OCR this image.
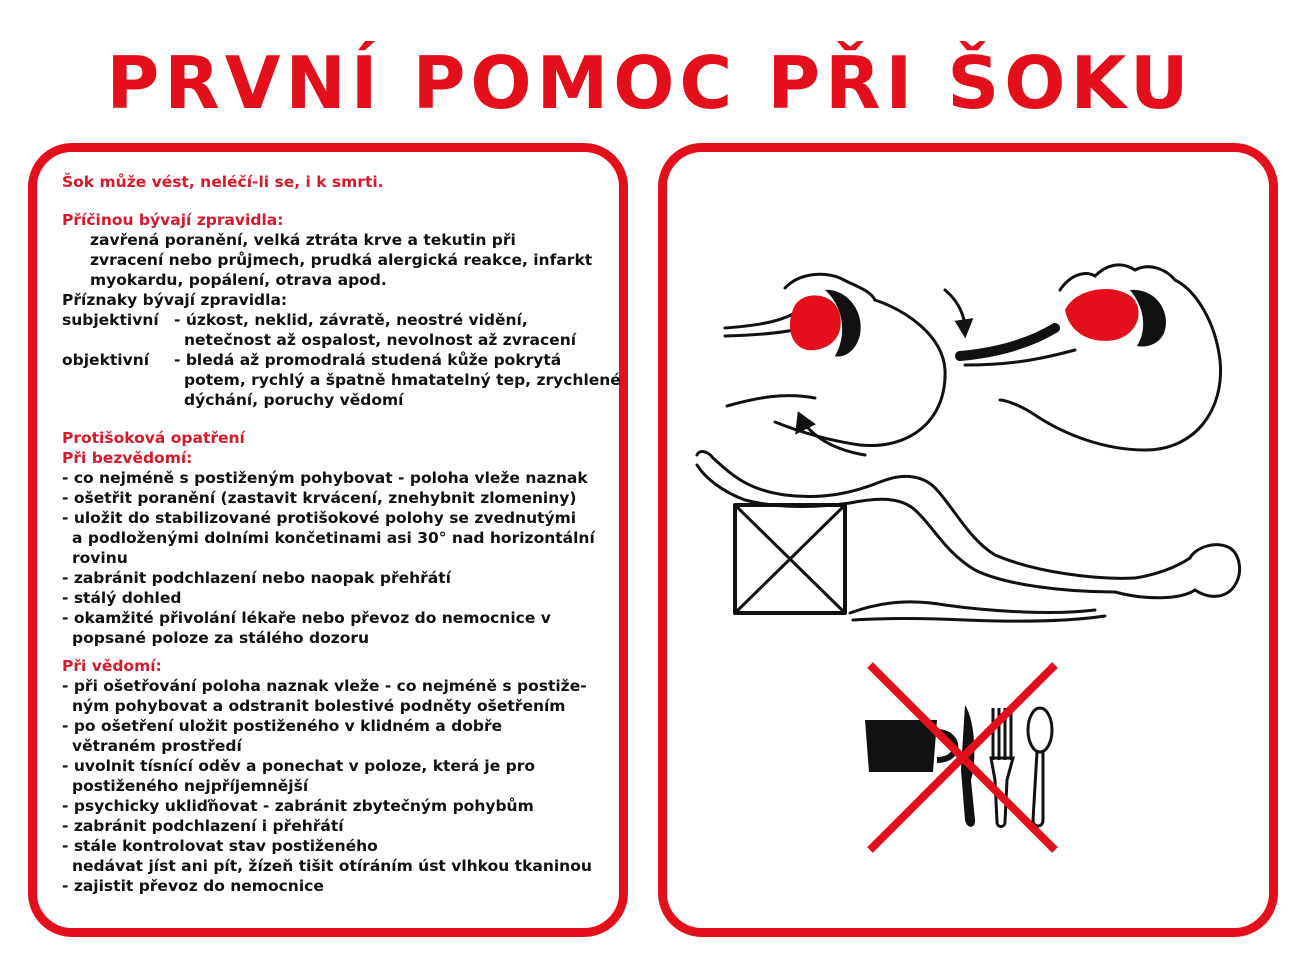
PRVNÍ POMOC PŘI ŠOKU
Šok může vést, neléčí-li se, i k smrti.
Příčinou bývají zpravidla:
zavřená poranění, velká ztráta krve a tekutin při
zvracení nebo průjmech, prudká alergická reakce, infarkt
myokardu, popálení, otrava apod.
Příznaky bývají zpravidla:
subjektivní - úzkost, neklid, závratě, neostré vidění,
netečnost až ospalost, nevolnost až zvracení
objektivní	- bledá až promodralá studená kůže pokrytá
potem, rychlý a špatně hmatatelný tep, zrychlené
dýchání, poruchy vědomí
Protišoková opatření
Při bezvědomí:
- co nejméně s postiženým pohybovat - poloha vleže naznak
- ošetřit poranění (zastavit krvácení, znehybnit zlomeniny)
- uložit do stabilizované protišokové polohy se zvednutými
a podloženými dolními končetinami asi 30° nad horizontální
rovinu
- zabránit podchlazení nebo naopak přehřátí
- stálý dohled
- okamžité přivolání lékaře nebo převoz do nemocnice v
popsané poloze za stálého dozoru
Při vědomí:
- při ošetřování poloha naznak vleže - co nejméně s postiže-
ným pohybovat a odstranit bolestivé podněty ošetřením
- po ošetření uložit postiženého v klidném a dobře
větraném prostředí
- uvolnit tísnící oděv a ponechat v poloze, která je pro
postiženého nejpříjemnější
- psychicky ukliďňovat - zabránit zbytečným pohybům
- zabránit podchlazení i přehřátí
- stále kontrolovat stav postiženého
nedávat jíst ani pít, žízeň tišit otíráním úst vlhkou tkaninou
- zajistit převoz do nemocnice
